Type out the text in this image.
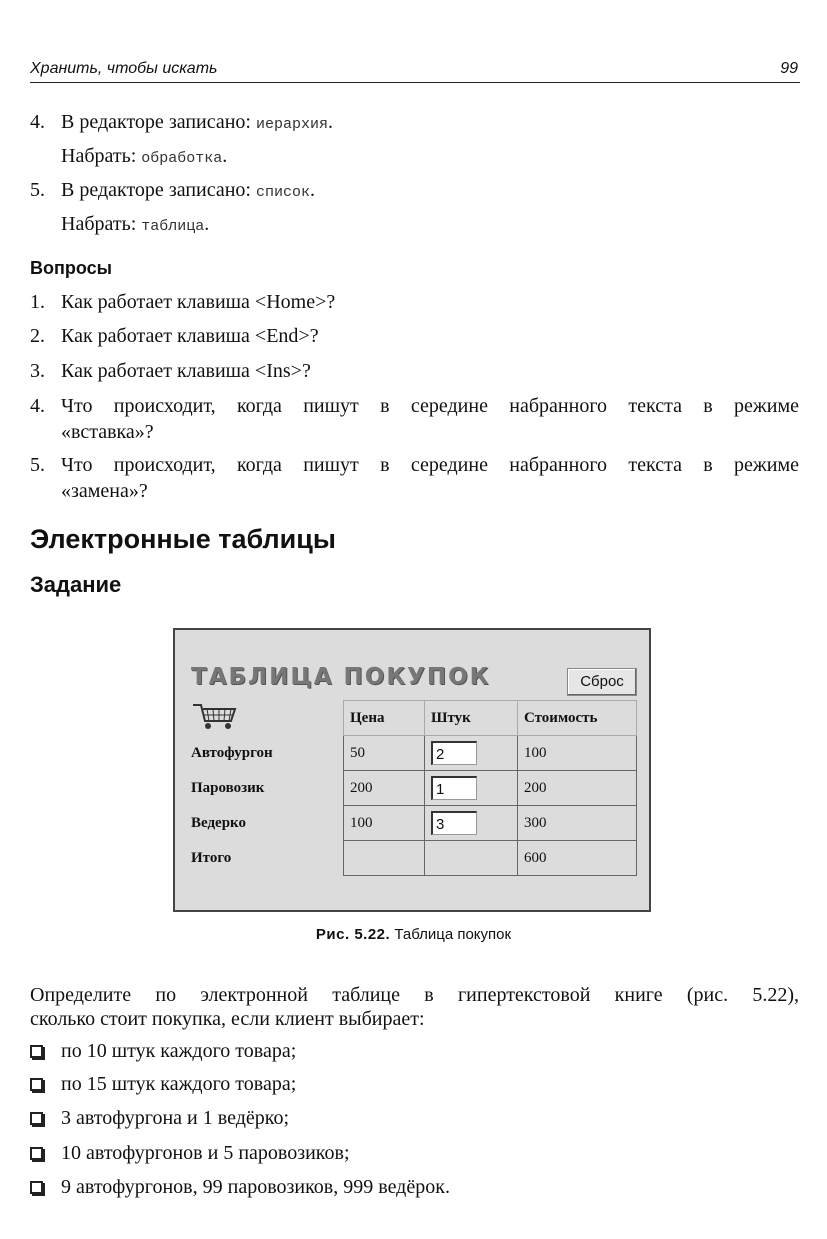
Хранить, чтобы искать	99
4. В редакторе записано: иерархия.
Набрать: обработка.
5. В редакторе записано: список.
Набрать: таблица.
Вопросы
1. Как работает клавиша <Home>?
2. Как работает клавиша <End>?
3. Как работает клавиша <Ins>?
4. Что происходит, когда пишут в середине набранного текста в режиме
«вставка»?
5. Что происходит, когда пишут в середине набранного текста в режиме
«замена»?
Электронные таблицы
Задание
ТАБЛИЦА ПОКУПОК	Сброс
	Цена	Штук	Стоимость
Автофургон	50	2	100
Паровозик	200	1	200
Ведерко	100	3	300
Итого			600
Рис. 5.22. Таблица покупок
Определите по электронной таблице в гипертекстовой книге (рис. 5.22),
сколько стоит покупка, если клиент выбирает:
по 10 штук каждого товара;
по 15 штук каждого товара;
3 автофургона и 1 ведёрко;
10 автофургонов и 5 паровозиков;
9 автофургонов, 99 паровозиков, 999 ведёрок.
